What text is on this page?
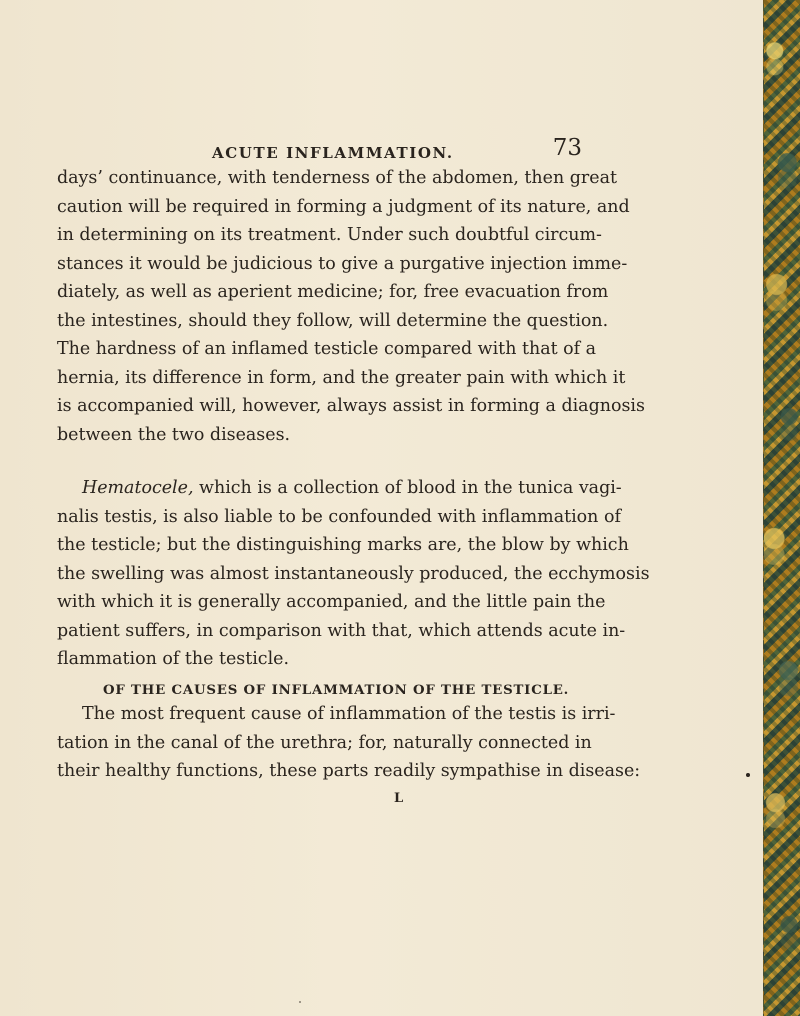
ACUTE INFLAMMATION.	73
days’ continuance, with tenderness of the abdomen, then great
caution will be required in forming a judgment of its nature, and
in determining on its treatment. Under such doubtful circum-
stances it would be judicious to give a purgative injection imme-
diately, as well as aperient medicine; for, free evacuation from
the intestines, should they follow, will determine the question.
The hardness of an inflamed testicle compared with that of a
hernia, its difference in form, and the greater pain with which it
is accompanied will, however, always assist in forming a diagnosis
between the two diseases.
Hematocele, which is a collection of blood in the tunica vagi-
nalis testis, is also liable to be confounded with inflammation of
the testicle; but the distinguishing marks are, the blow by which
the swelling was almost instantaneously produced, the ecchymosis
with which it is generally accompanied, and the little pain the
patient suffers, in comparison with that, which attends acute in-
flammation of the testicle.
OF THE CAUSES OF INFLAMMATION OF THE TESTICLE.
The most frequent cause of inflammation of the testis is irri-
tation in the canal of the urethra; for, naturally connected in
their healthy functions, these parts readily sympathise in disease:
L
